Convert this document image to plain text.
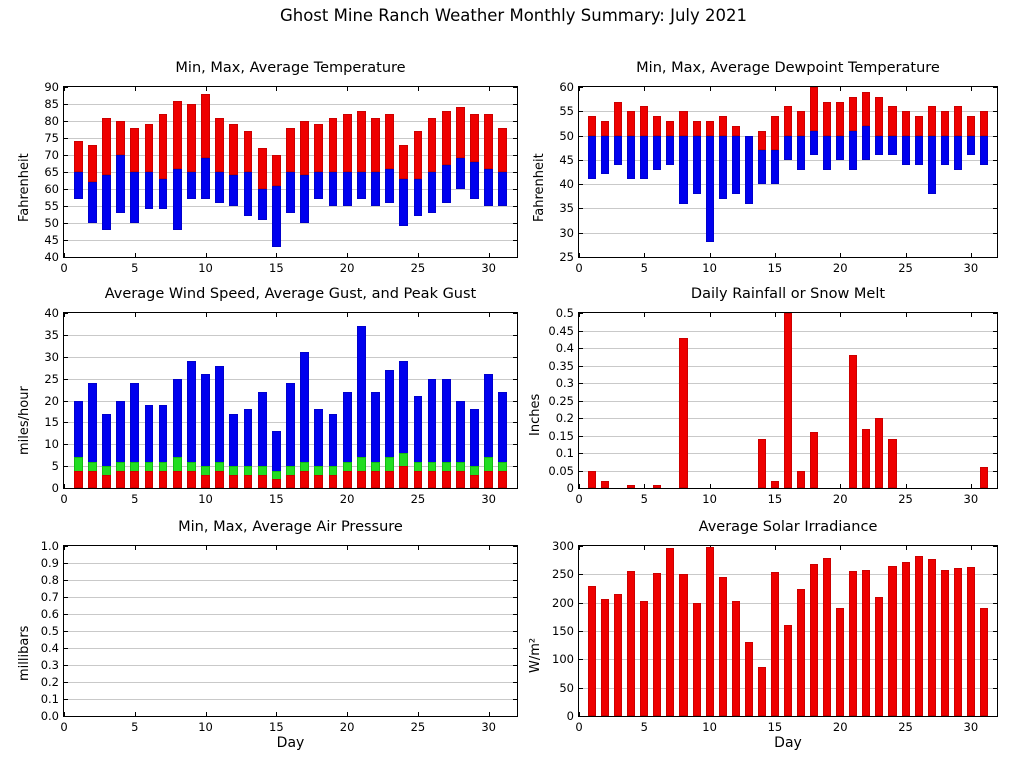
Ghost Mine Ranch Weather Monthly Summary: July 2021
Min, Max, Average Temperature
40
45
50
55
60
65
70
75
80
85
90
0	5	10	15	20	25	30
Fahrenheit
Min, Max, Average Dewpoint Temperature
25
30
35
40
45
50
55
60
0	5	10	15	20	25	30
Fahrenheit
Average Wind Speed, Average Gust, and Peak Gust
0
5
10
15
20
25
30
35
40
0	5	10	15	20	25	30
miles/hour
Daily Rainfall or Snow Melt
0
0.05
0.1
0.15
0.2
0.25
0.3
0.35
0.4
0.45
0.5
0	5	10	15	20	25	30
Inches
Min, Max, Average Air Pressure
0.0
0.1
0.2
0.3
0.4
0.5
0.6
0.7
0.8
0.9
1.0
0	5	10	15	20	25	30
millibars
Day
Average Solar Irradiance
0
50
100
150
200
250
300
0	5	10	15	20	25	30
W/m²
Day
